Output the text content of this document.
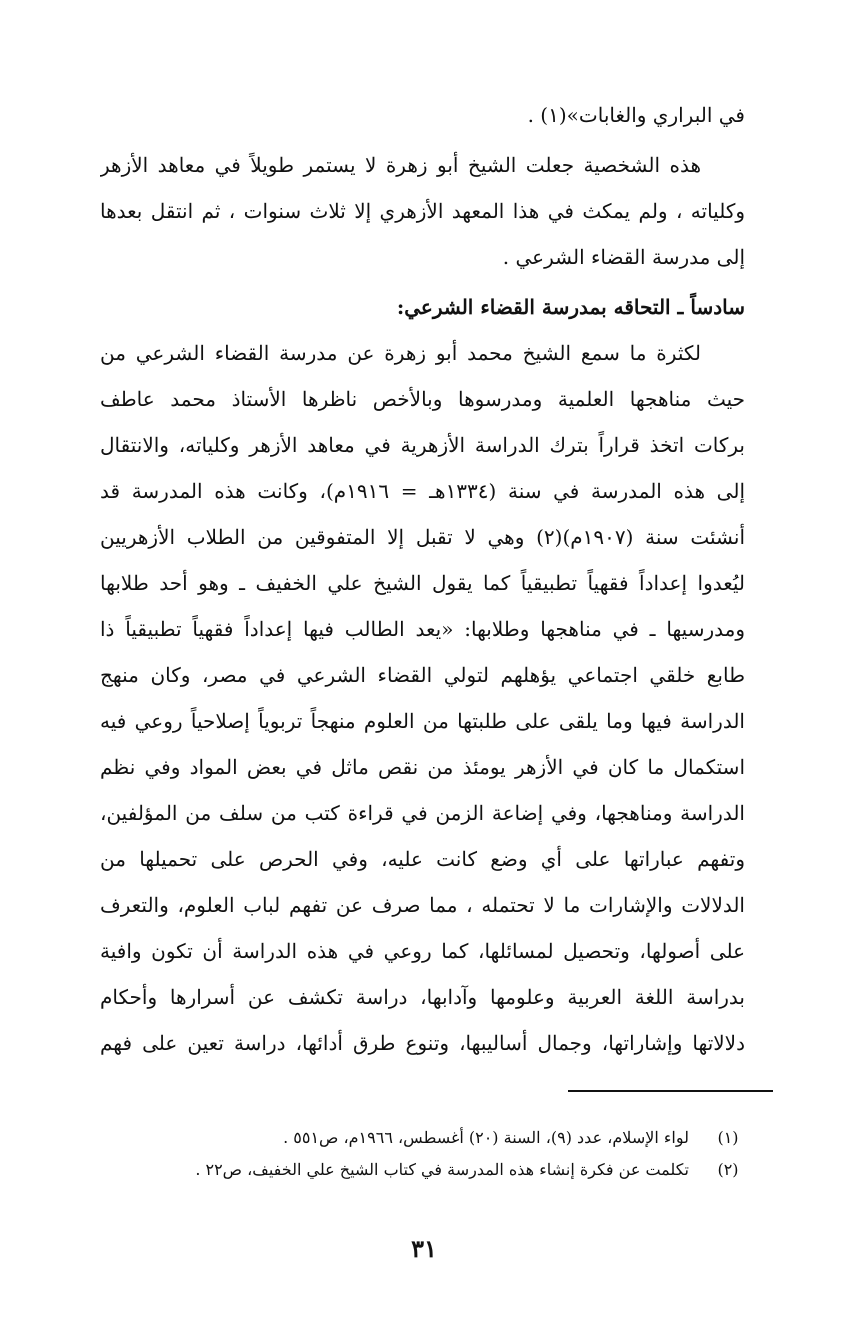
في البراري والغابات»(١) .
هذه الشخصية جعلت الشيخ أبو زهرة لا يستمر طويلاً في معاهد الأزهر
وكلياته ، ولم يمكث في هذا المعهد الأزهري إلا ثلاث سنوات ، ثم انتقل بعدها
إلى مدرسة القضاء الشرعي .
سادساً ـ التحاقه بمدرسة القضاء الشرعي:
لكثرة ما سمع الشيخ محمد أبو زهرة عن مدرسة القضاء الشرعي من
حيث مناهجها العلمية ومدرسوها وبالأخص ناظرها الأستاذ محمد عاطف
بركات اتخذ قراراً بترك الدراسة الأزهرية في معاهد الأزهر وكلياته، والانتقال
إلى هذه المدرسة في سنة (١٣٣٤هـ = ١٩١٦م)، وكانت هذه المدرسة قد
أنشئت سنة (١٩٠٧م)(٢) وهي لا تقبل إلا المتفوقين من الطلاب الأزهريين
ليُعدوا إعداداً فقهياً تطبيقياً كما يقول الشيخ علي الخفيف ـ وهو أحد طلابها
ومدرسيها ـ في مناهجها وطلابها: «يعد الطالب فيها إعداداً فقهياً تطبيقياً ذا
طابع خلقي اجتماعي يؤهلهم لتولي القضاء الشرعي في مصر، وكان منهج
الدراسة فيها وما يلقى على طلبتها من العلوم منهجاً تربوياً إصلاحياً روعي فيه
استكمال ما كان في الأزهر يومئذ من نقص ماثل في بعض المواد وفي نظم
الدراسة ومناهجها، وفي إضاعة الزمن في قراءة كتب من سلف من المؤلفين،
وتفهم عباراتها على أي وضع كانت عليه، وفي الحرص على تحميلها من
الدلالات والإشارات ما لا تحتمله ، مما صرف عن تفهم لباب العلوم، والتعرف
على أصولها، وتحصيل لمسائلها، كما روعي في هذه الدراسة أن تكون وافية
بدراسة اللغة العربية وعلومها وآدابها، دراسة تكشف عن أسرارها وأحكام
دلالاتها وإشاراتها، وجمال أساليبها، وتنوع طرق أدائها، دراسة تعين على فهم
(١)
لواء الإسلام، عدد (٩)، السنة (٢٠) أغسطس، ١٩٦٦م، ص٥٥١ .
(٢)
تكلمت عن فكرة إنشاء هذه المدرسة في كتاب الشيخ علي الخفيف، ص٢٢ .
٣١
